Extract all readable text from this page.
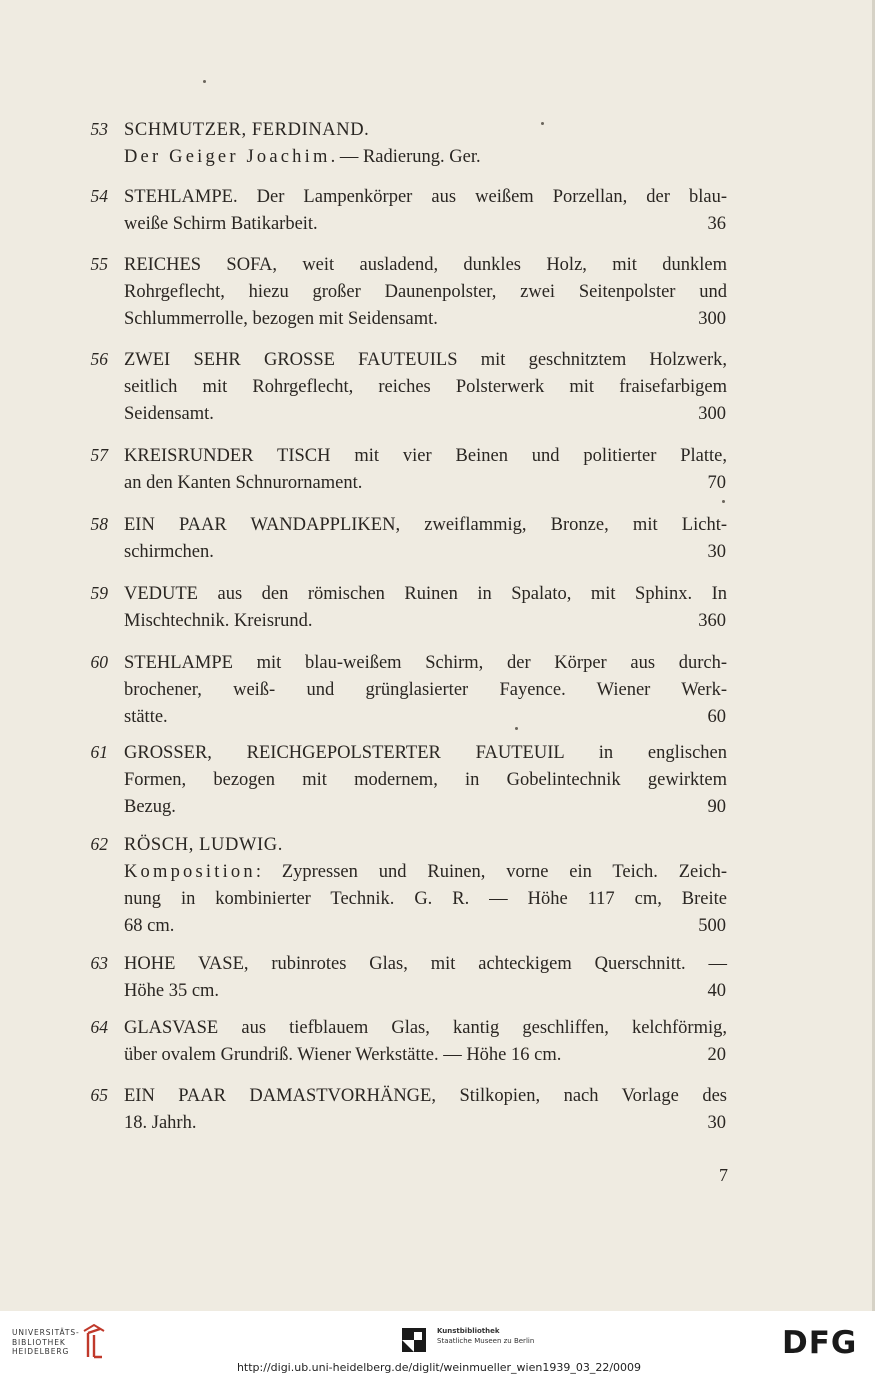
53 SCHMUTZER, FERDINAND.
Der Geiger Joachim. — Radierung. Ger.
54 STEHLAMPE. Der Lampenkörper aus weißem Porzellan, der blau-
weiße Schirm Batikarbeit.	36
55 REICHES SOFA, weit ausladend, dunkles Holz, mit dunklem
Rohrgeflecht, hiezu großer Daunenpolster, zwei Seitenpolster und
Schlummerrolle, bezogen mit Seidensamt.	300
56 ZWEI SEHR GROSSE FAUTEUILS mit geschnitztem Holzwerk,
seitlich mit Rohrgeflecht, reiches Polsterwerk mit fraisefarbigem
Seidensamt.	300
57 KREISRUNDER TISCH mit vier Beinen und politierter Platte,
an den Kanten Schnurornament.	70
58 EIN PAAR WANDAPPLIKEN, zweiflammig, Bronze, mit Licht-
schirmchen.	30
59 VEDUTE aus den römischen Ruinen in Spalato, mit Sphinx. In
Mischtechnik. Kreisrund.	360
60 STEHLAMPE mit blau-weißem Schirm, der Körper aus durch-
brochener, weiß- und grünglasierter Fayence. Wiener Werk-
stätte.	60
61 GROSSER, REICHGEPOLSTERTER FAUTEUIL in englischen
Formen, bezogen mit modernem, in Gobelintechnik gewirktem
Bezug.	90
62 RÖSCH, LUDWIG.
Komposition: Zypressen und Ruinen, vorne ein Teich. Zeich-
nung in kombinierter Technik. G. R. — Höhe 117 cm, Breite
68 cm.	500
63 HOHE VASE, rubinrotes Glas, mit achteckigem Querschnitt. —
Höhe 35 cm.	40
64 GLASVASE aus tiefblauem Glas, kantig geschliffen, kelchförmig,
über ovalem Grundriß. Wiener Werkstätte. — Höhe 16 cm.	20
65 EIN PAAR DAMASTVORHÄNGE, Stilkopien, nach Vorlage des
18. Jahrh.	30
7
UNIVERSITÄTS-
BIBLIOTHEK
HEIDELBERG
Kunstbibliothek
Staatliche Museen zu Berlin	DFG
http://digi.ub.uni-heidelberg.de/diglit/weinmueller_wien1939_03_22/0009
